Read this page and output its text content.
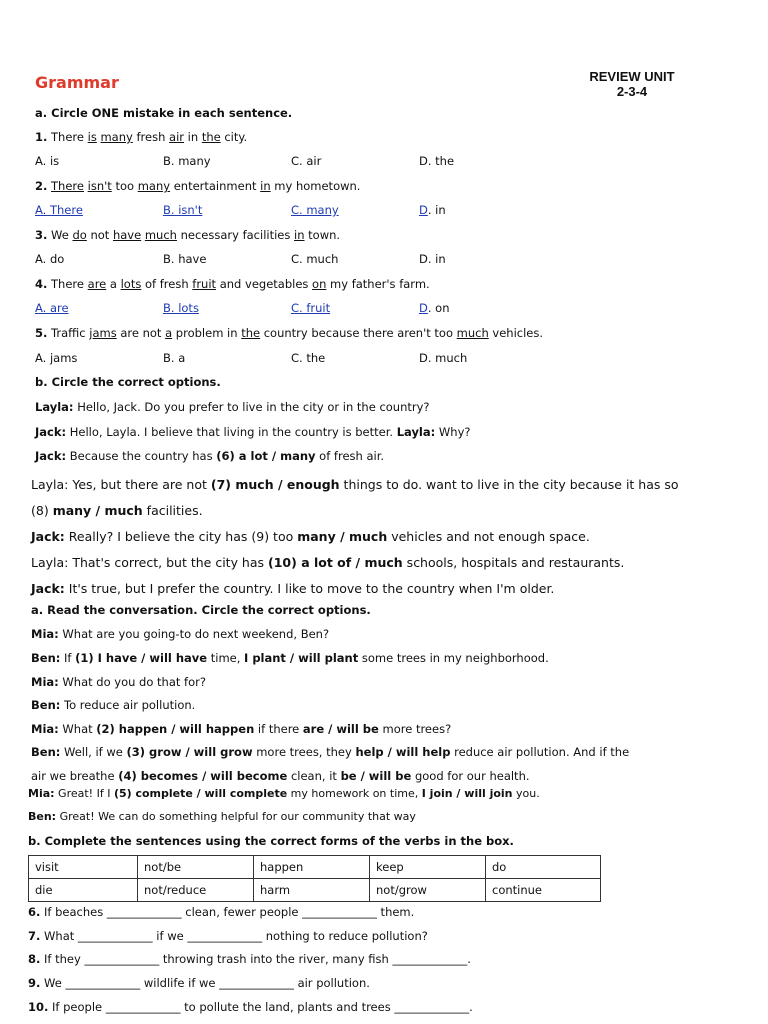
Grammar	REVIEW UNIT
2-3-4
a. Circle ONE mistake in each sentence.
1. There is many fresh air in the city.
A. is	B. many	C. air	D. the
2. There isn't too many entertainment in my hometown.
A. There	B. isn't	C. many	D. in
3. We do not have much necessary facilities in town.
A. do	B. have	C. much	D. in
4. There are a lots of fresh fruit and vegetables on my father's farm.
A. are	B. lots	C. fruit	D. on
5. Traffic jams are not a problem in the country because there aren't too much vehicles.
A. jams	B. a	C. the	D. much
b. Circle the correct options.
Layla: Hello, Jack. Do you prefer to live in the city or in the country?
Jack: Hello, Layla. I believe that living in the country is better. Layla: Why?
Jack: Because the country has (6) a lot / many of fresh air.
Layla: Yes, but there are not (7) much / enough things to do. want to live in the city because it has so
(8) many / much facilities.
Jack: Really? I believe the city has (9) too many / much vehicles and not enough space.
Layla: That's correct, but the city has (10) a lot of / much schools, hospitals and restaurants.
Jack: It's true, but I prefer the country. I like to move to the country when I'm older.
a. Read the conversation. Circle the correct options.
Mia: What are you going-to do next weekend, Ben?
Ben: If (1) I have / will have time, I plant / will plant some trees in my neighborhood.
Mia: What do you do that for?
Ben: To reduce air pollution.
Mia: What (2) happen / will happen if there are / will be more trees?
Ben: Well, if we (3) grow / will grow more trees, they help / will help reduce air pollution. And if the
air we breathe (4) becomes / will become clean, it be / will be good for our health.
Mia: Great! If I (5) complete / will complete my homework on time, I join / will join you.
Ben: Great! We can do something helpful for our community that way
b. Complete the sentences using the correct forms of the verbs in the box.
visit	not/be	happen	keep	do
die	not/reduce	harm	not/grow	continue
6. If beaches _____________ clean, fewer people _____________ them.
7. What _____________ if we _____________ nothing to reduce pollution?
8. If they _____________ throwing trash into the river, many fish _____________.
9. We _____________ wildlife if we _____________ air pollution.
10. If people _____________ to pollute the land, plants and trees _____________.
